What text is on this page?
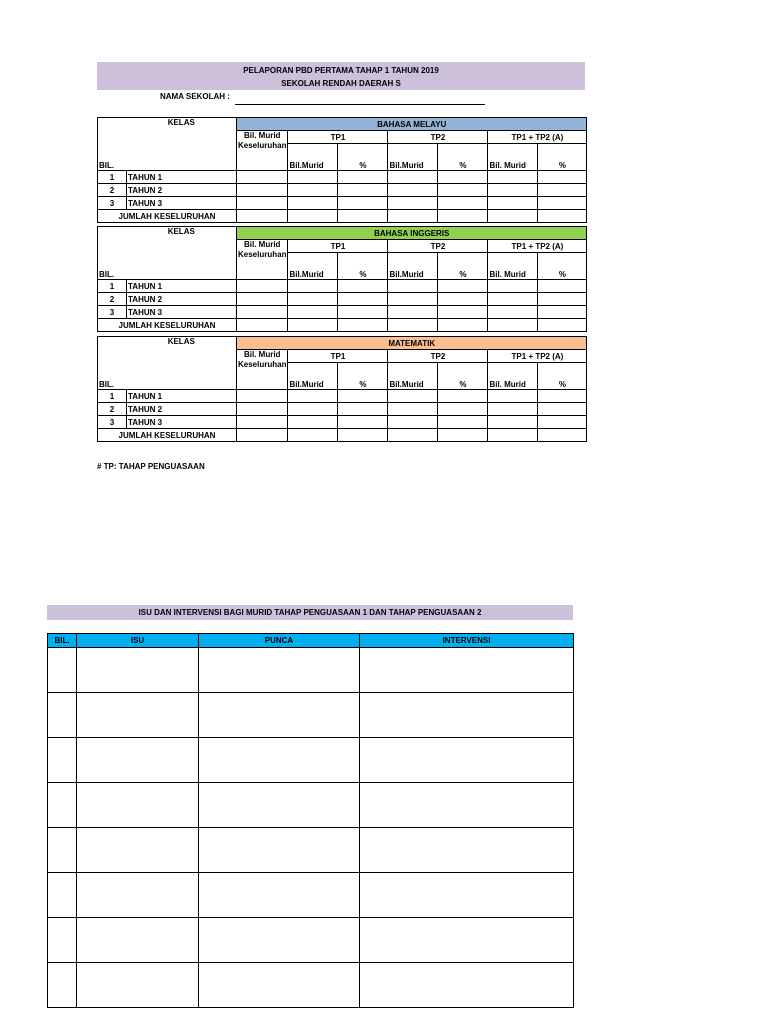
PELAPORAN PBD PERTAMA TAHAP 1 TAHUN 2019
SEKOLAH RENDAH DAERAH S
NAMA SEKOLAH :
BIL.	KELAS	BAHASA MELAYU						
		Bil. Murid Keseluruhan	TP1		TP2		TP1 + TP2 (A)	
			Bil.Murid	%	Bil.Murid	%	Bil. Murid	%
1	TAHUN 1							
2	TAHUN 2							
3	TAHUN 3							
JUMLAH KESELURUHAN								
BIL.	KELAS	BAHASA INGGERIS						
		Bil. Murid Keseluruhan	TP1		TP2		TP1 + TP2 (A)	
			Bil.Murid	%	Bil.Murid	%	Bil. Murid	%
1	TAHUN 1							
2	TAHUN 2							
3	TAHUN 3							
JUMLAH KESELURUHAN								
BIL.	KELAS	MATEMATIK						
		Bil. Murid Keseluruhan	TP1		TP2		TP1 + TP2 (A)	
			Bil.Murid	%	Bil.Murid	%	Bil. Murid	%
1	TAHUN 1							
2	TAHUN 2							
3	TAHUN 3							
JUMLAH KESELURUHAN								
# TP: TAHAP PENGUASAAN
ISU DAN INTERVENSI BAGI MURID TAHAP PENGUASAAN 1 DAN TAHAP PENGUASAAN 2
BIL.	ISU	PUNCA	INTERVENSI
